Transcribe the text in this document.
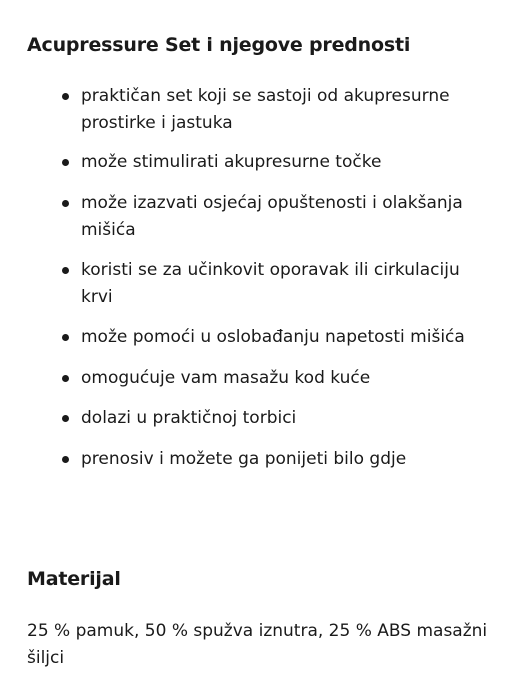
Acupressure Set i njegove prednosti
praktičan set koji se sastoji od akupresurne prostirke i jastuka
može stimulirati akupresurne točke
može izazvati osjećaj opuštenosti i olakšanja mišića
koristi se za učinkovit oporavak ili cirkulaciju krvi
može pomoći u oslobađanju napetosti mišića
omogućuje vam masažu kod kuće
dolazi u praktičnoj torbici
prenosiv i možete ga ponijeti bilo gdje
Materijal

25 % pamuk, 50 % spužva iznutra, 25 % ABS masažni šiljci
